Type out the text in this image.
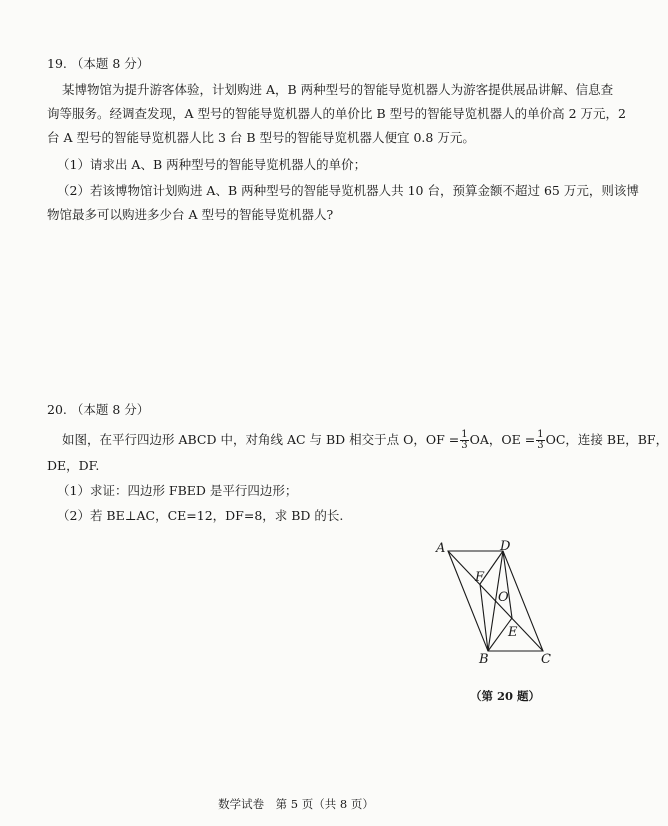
19. （本题 8 分）
某博物馆为提升游客体验，计划购进 A，B 两种型号的智能导览机器人为游客提供展品讲解、信息查
询等服务。经调查发现，A 型号的智能导览机器人的单价比 B 型号的智能导览机器人的单价高 2 万元，2
台 A 型号的智能导览机器人比 3 台 B 型号的智能导览机器人便宜 0.8 万元。
（1）请求出 A、B 两种型号的智能导览机器人的单价；
（2）若该博物馆计划购进 A、B 两种型号的智能导览机器人共 10 台，预算金额不超过 65 万元，则该博
物馆最多可以购进多少台 A 型号的智能导览机器人?
20. （本题 8 分）
如图，在平行四边形 ABCD 中，对角线 AC 与 BD 相交于点 O，OF = $\frac{1}{3}$ OA，OE = $\frac{1}{3}$ OC，连接 BE，BF，
DE，DF.
（1）求证：四边形 FBED 是平行四边形；
（2）若 BE⊥AC，CE=12，DF=8，求 BD 的长.
A	D
F
O
E
B	C
（第 20 题）
数学试卷　第 5 页（共 8 页）
